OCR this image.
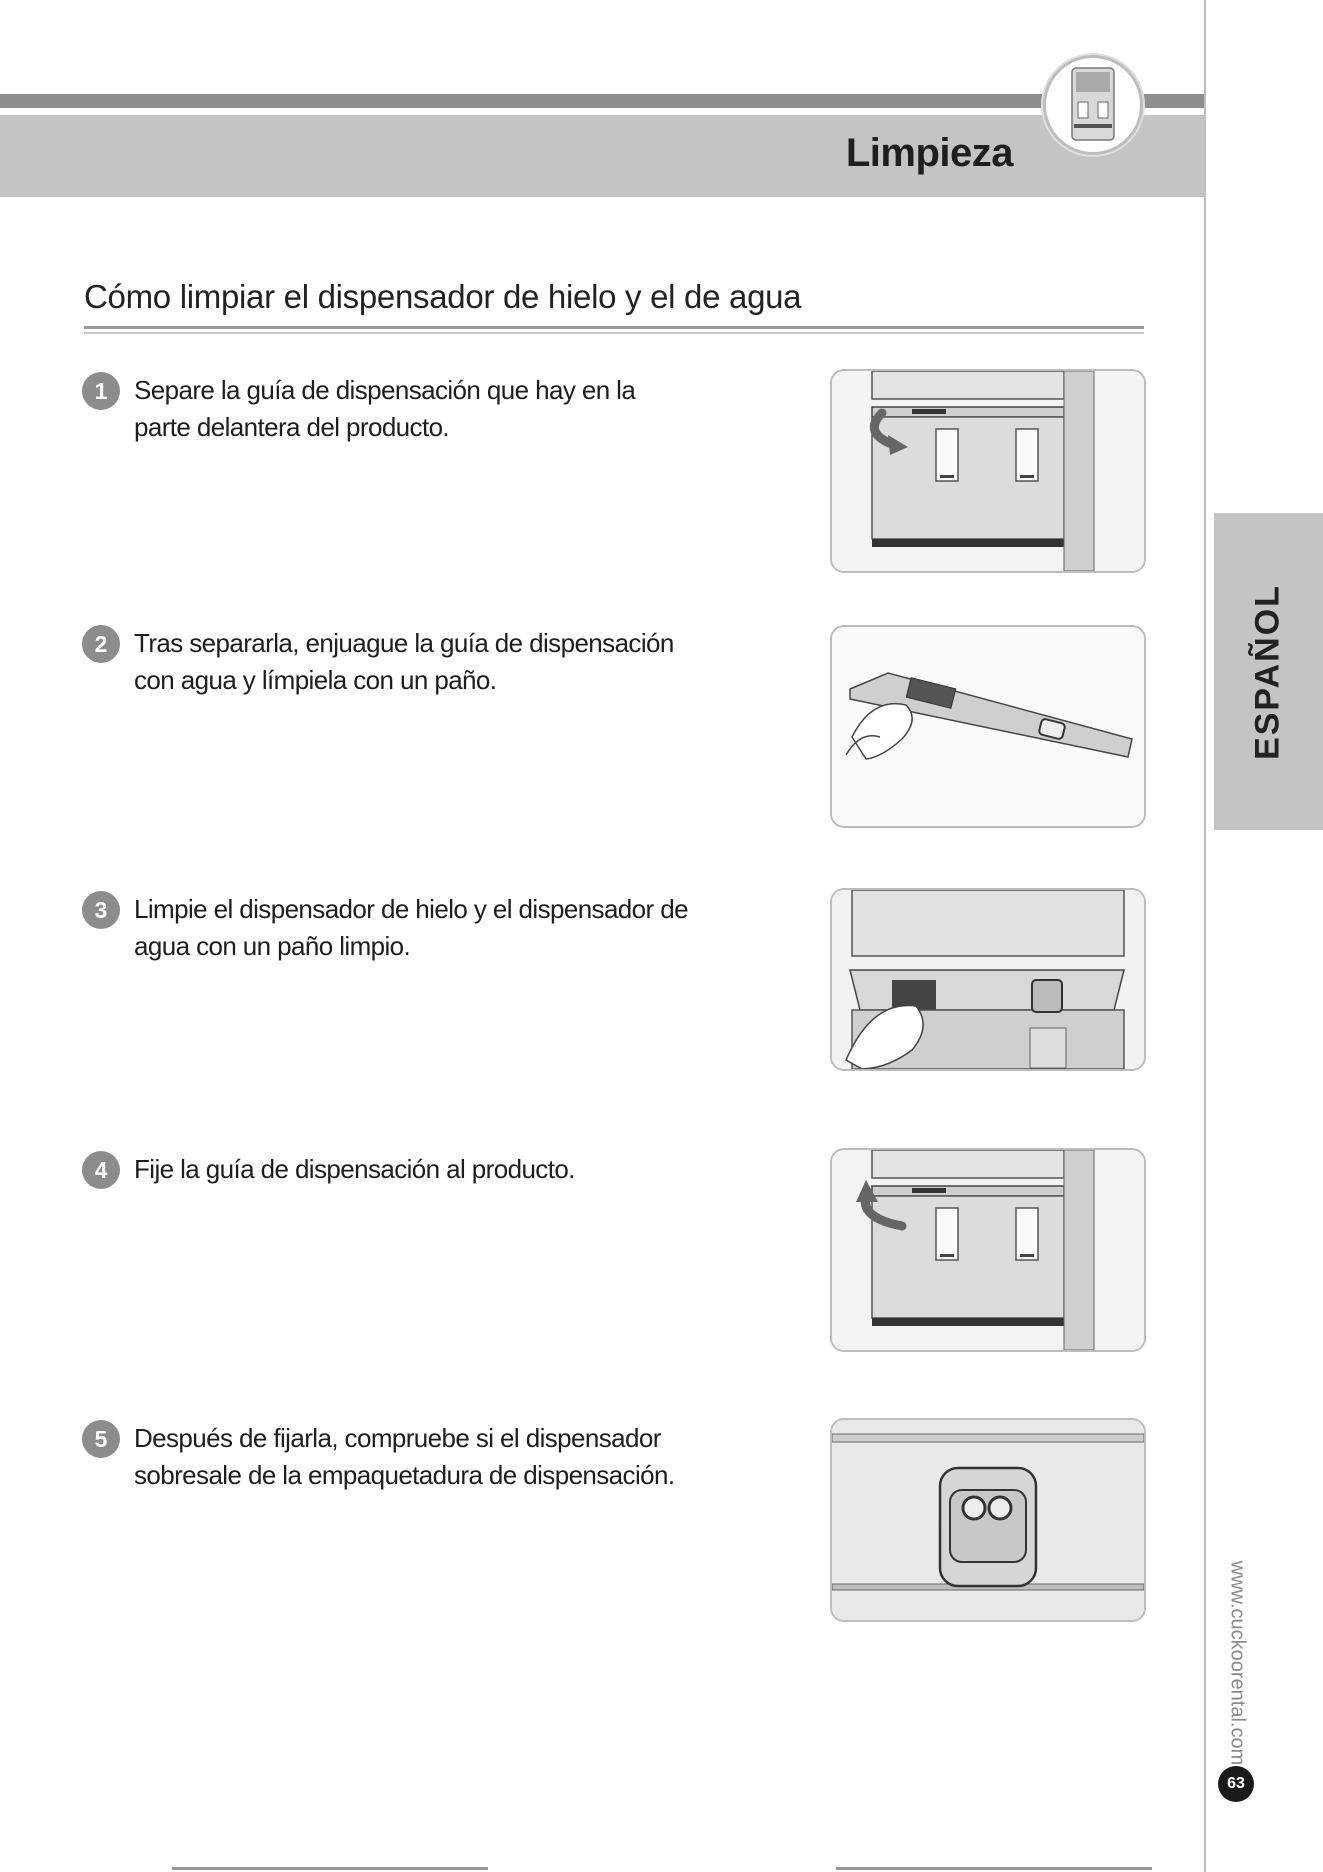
Limpieza
ESPAÑOL
www.cuckoorental.com
63
Cómo limpiar el dispensador de hielo y el de agua
1	Separe la guía de dispensación que hay en la parte delantera del producto.
2	Tras separarla, enjuague la guía de dispensación con agua y límpiela con un paño.
3	Limpie el dispensador de hielo y el dispensador de agua con un paño limpio.
4	Fije la guía de dispensación al producto.
5	Después de fijarla, compruebe si el dispensador sobresale de la empaquetadura de dispensación.
